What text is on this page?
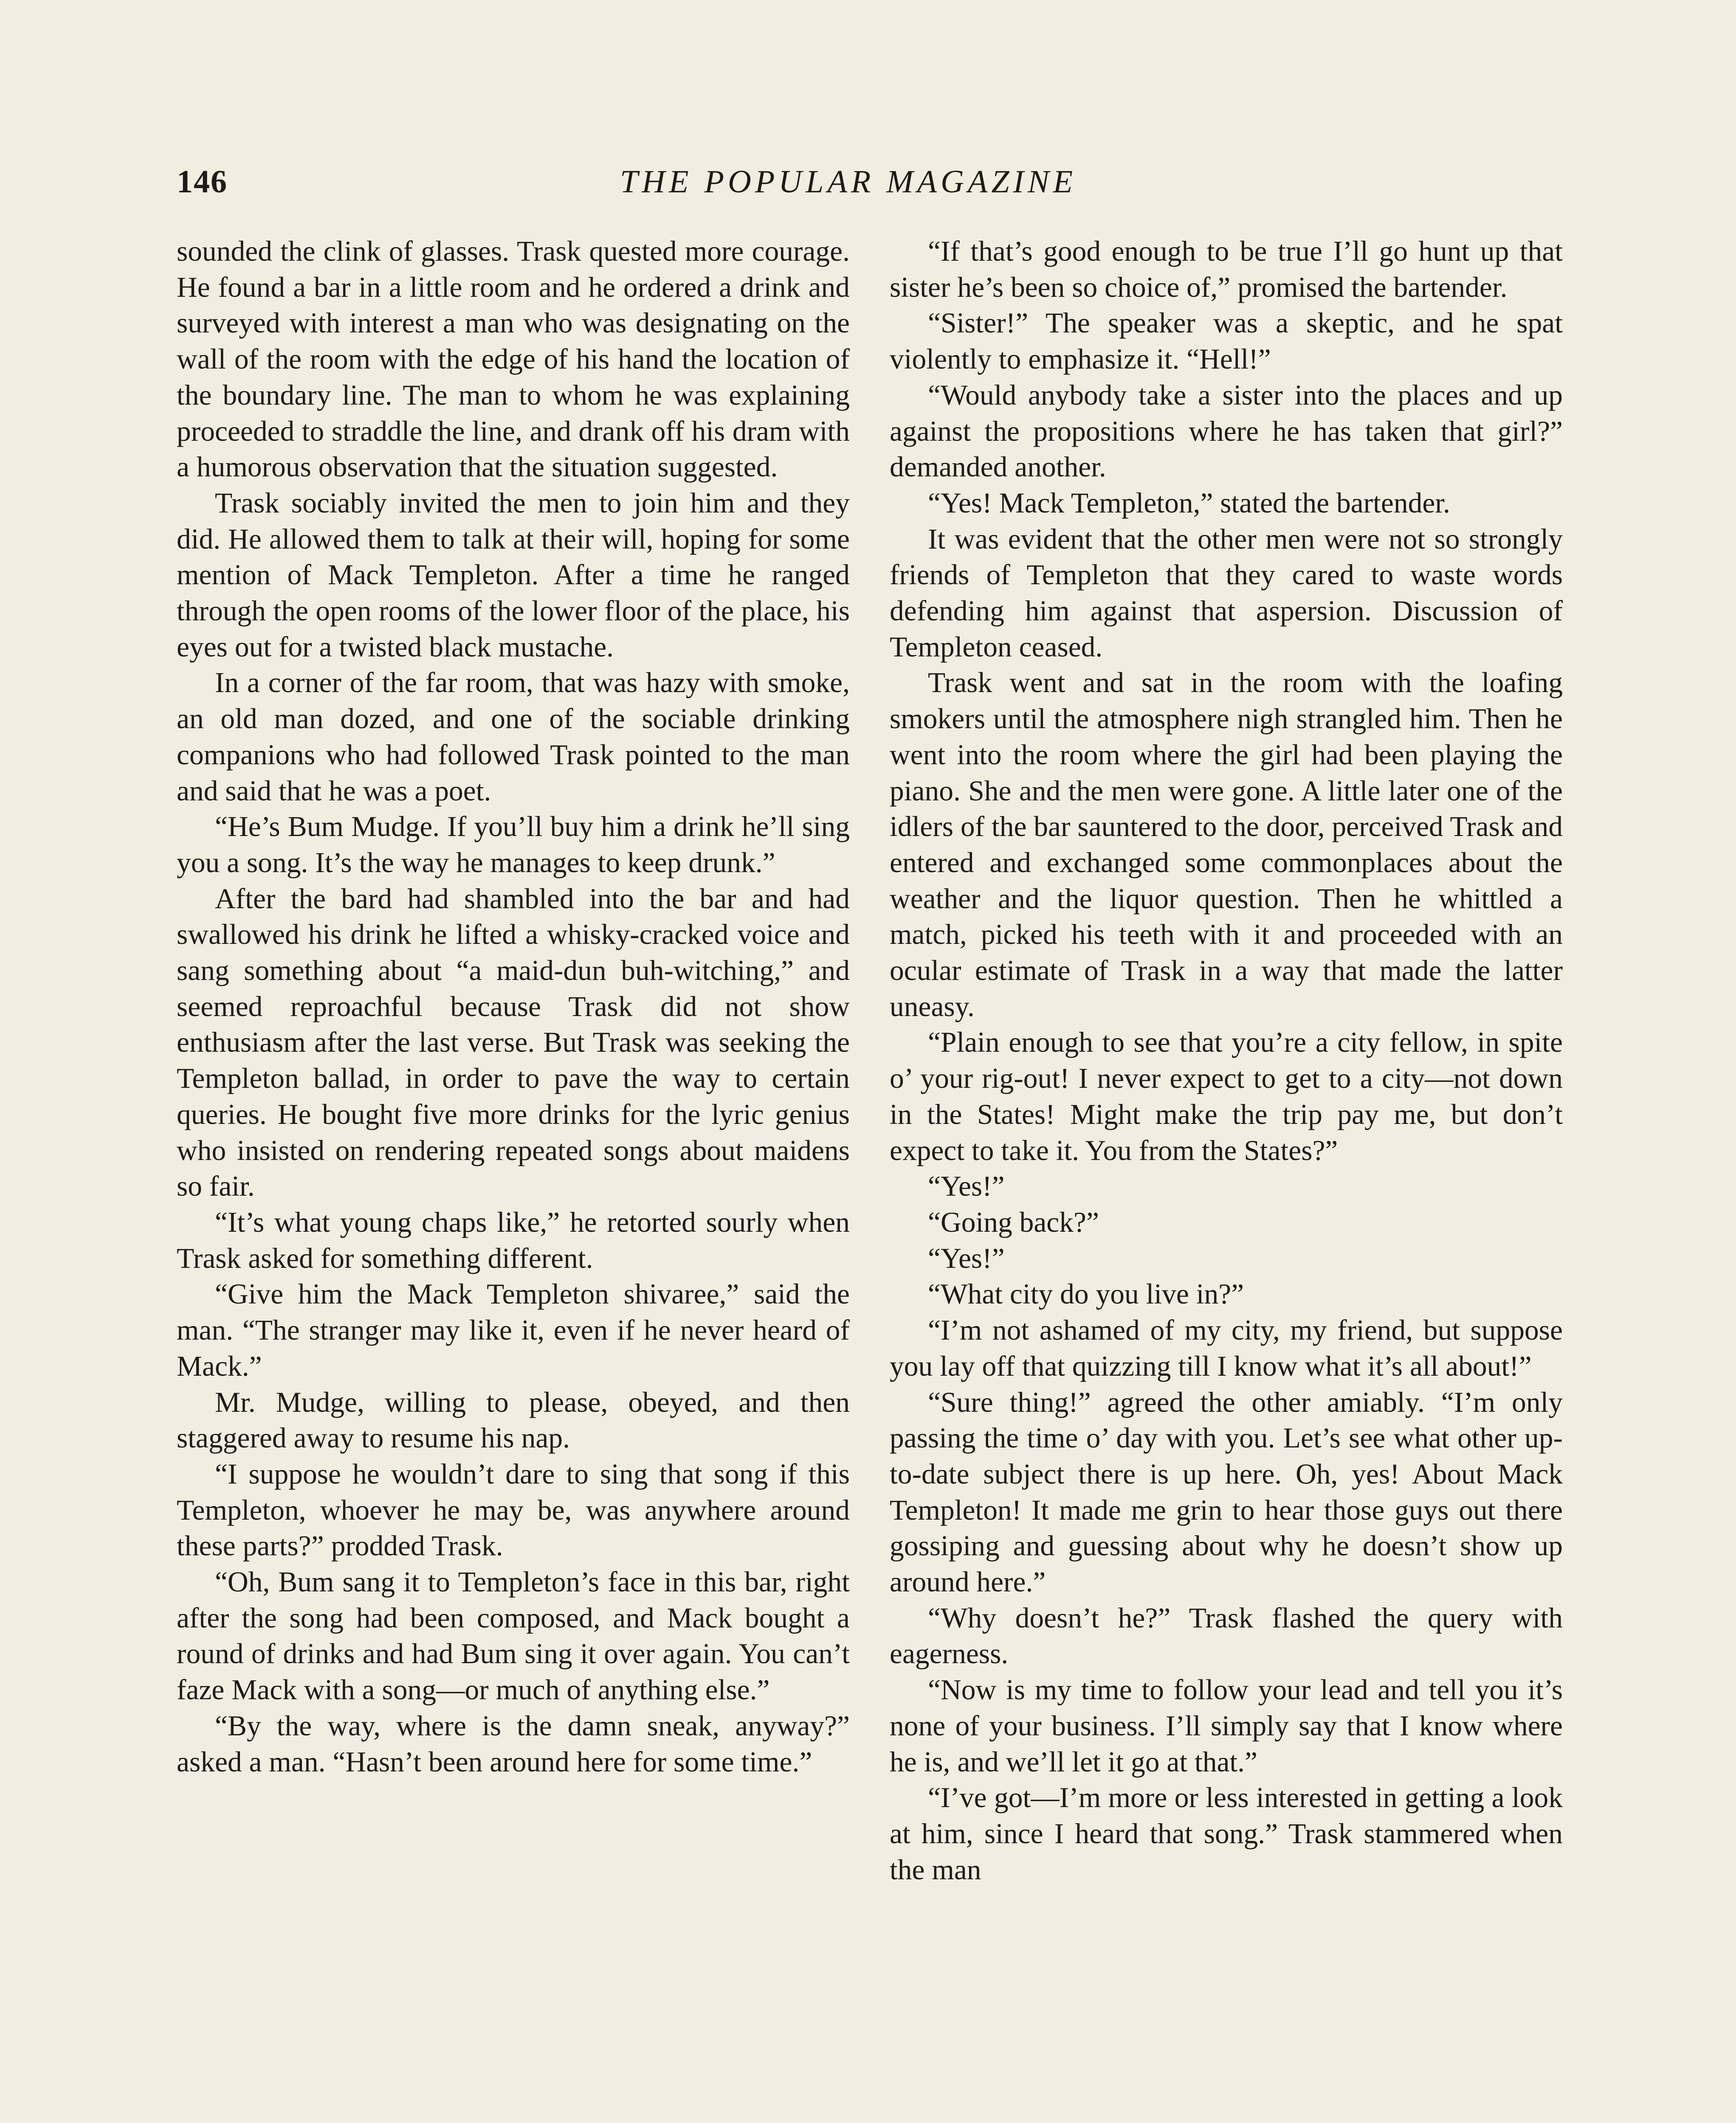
146	THE POPULAR MAGAZINE

sounded the clink of glasses. Trask quested more courage. He found a bar in a little room and he ordered a drink and surveyed with interest a man who was designating on the wall of the room with the edge of his hand the location of the boundary line. The man to whom he was explaining proceeded to straddle the line, and drank off his dram with a humorous observation that the situation suggested.

Trask sociably invited the men to join him and they did. He allowed them to talk at their will, hoping for some mention of Mack Templeton. After a time he ranged through the open rooms of the lower floor of the place, his eyes out for a twisted black mustache.

In a corner of the far room, that was hazy with smoke, an old man dozed, and one of the sociable drinking companions who had followed Trask pointed to the man and said that he was a poet.

“He’s Bum Mudge. If you’ll buy him a drink he’ll sing you a song. It’s the way he manages to keep drunk.”

After the bard had shambled into the bar and had swallowed his drink he lifted a whisky-cracked voice and sang something about “a maid-dun buh-witching,” and seemed reproachful because Trask did not show enthusiasm after the last verse. But Trask was seeking the Templeton ballad, in order to pave the way to certain queries. He bought five more drinks for the lyric genius who insisted on rendering repeated songs about maidens so fair.

“It’s what young chaps like,” he retorted sourly when Trask asked for something different.

“Give him the Mack Templeton shivaree,” said the man. “The stranger may like it, even if he never heard of Mack.”

Mr. Mudge, willing to please, obeyed, and then staggered away to resume his nap.

“I suppose he wouldn’t dare to sing that song if this Templeton, whoever he may be, was anywhere around these parts?” prodded Trask.

“Oh, Bum sang it to Templeton’s face in this bar, right after the song had been composed, and Mack bought a round of drinks and had Bum sing it over again. You can’t faze Mack with a song—or much of anything else.”

“By the way, where is the damn sneak, anyway?” asked a man. “Hasn’t been around here for some time.”

“If that’s good enough to be true I’ll go hunt up that sister he’s been so choice of,” promised the bartender.

“Sister!” The speaker was a skeptic, and he spat violently to emphasize it. “Hell!”

“Would anybody take a sister into the places and up against the propositions where he has taken that girl?” demanded another.

“Yes! Mack Templeton,” stated the bartender.

It was evident that the other men were not so strongly friends of Templeton that they cared to waste words defending him against that aspersion. Discussion of Templeton ceased.

Trask went and sat in the room with the loafing smokers until the atmosphere nigh strangled him. Then he went into the room where the girl had been playing the piano. She and the men were gone. A little later one of the idlers of the bar sauntered to the door, perceived Trask and entered and exchanged some commonplaces about the weather and the liquor question. Then he whittled a match, picked his teeth with it and proceeded with an ocular estimate of Trask in a way that made the latter uneasy.

“Plain enough to see that you’re a city fellow, in spite o’ your rig-out! I never expect to get to a city—not down in the States! Might make the trip pay me, but don’t expect to take it. You from the States?”

“Yes!”

“Going back?”

“Yes!”

“What city do you live in?”

“I’m not ashamed of my city, my friend, but suppose you lay off that quizzing till I know what it’s all about!”

“Sure thing!” agreed the other amiably. “I’m only passing the time o’ day with you. Let’s see what other up-to-date subject there is up here. Oh, yes! About Mack Templeton! It made me grin to hear those guys out there gossiping and guessing about why he doesn’t show up around here.”

“Why doesn’t he?” Trask flashed the query with eagerness.

“Now is my time to follow your lead and tell you it’s none of your business. I’ll simply say that I know where he is, and we’ll let it go at that.”

“I’ve got—I’m more or less interested in getting a look at him, since I heard that song.” Trask stammered when the man
